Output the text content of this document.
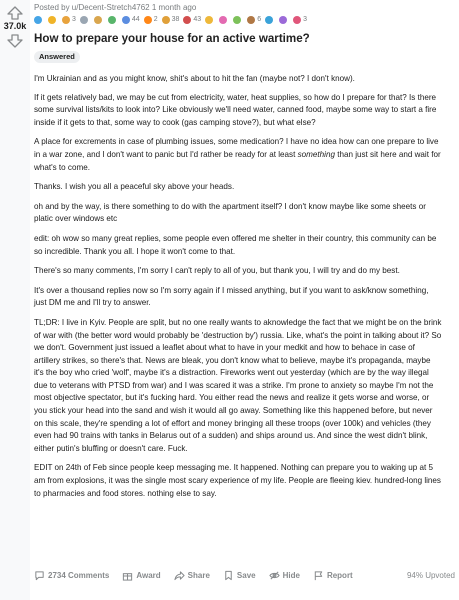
37.0k
Posted by u/Decent-Stretch4762 1 month ago
3	44 2 38 43	6	3
How to prepare your house for an active wartime?
Answered

I'm Ukrainian and as you might know, shit's about to hit the fan (maybe not? I don't know).

If it gets relatively bad, we may be cut from electricity, water, heat supplies, so how do I prepare for that? Is there some survival lists/kits to look into? Like obviously we'll need water, canned food, maybe some way to start a fire inside if it gets to that, some way to cook (gas camping stove?), but what else?

A place for excrements in case of plumbing issues, some medication? I have no idea how can one prepare to live in a war zone, and I don't want to panic but I'd rather be ready for at least something than just sit here and wait for what's to come.

Thanks. I wish you all a peaceful sky above your heads.

oh and by the way, is there something to do with the apartment itself? I don't know maybe like some sheets or platic over windows etc

edit: oh wow so many great replies, some people even offered me shelter in their country, this community can be so incredible. Thank you all. I hope it won't come to that.

There's so many comments, I'm sorry I can't reply to all of you, but thank you, I will try and do my best.

It's over a thousand replies now so I'm sorry again if I missed anything, but if you want to ask/know something, just DM me and I'll try to answer.

TL;DR: I live in Kyiv. People are split, but no one really wants to aknowledge the fact that we might be on the brink of war with (the better word would probably be 'destruction by') russia. Like, what's the point in talking about it? So we don't. Government just issued a leaflet about what to have in your medkit and how to behace in case of artillery strikes, so there's that. News are bleak, you don't know what to believe, maybe it's propaganda, maybe it's the boy who cried 'wolf', maybe it's a distraction. Fireworks went out yesterday (which are by the way illegal due to veterans with PTSD from war) and I was scared it was a strike. I'm prone to anxiety so maybe I'm not the most objective spectator, but it's fucking hard. You either read the news and realize it gets worse and worse, or you stick your head into the sand and wish it would all go away. Something like this happened before, but never on this scale, they're spending a lot of effort and money bringing all these troops (over 100k) and vehicles (they even had 90 trains with tanks in Belarus out of a sudden) and ships around us. And since the west didn't blink, either putin's bluffing or doesn't care. Fuck.

EDIT on 24th of Feb since people keep messaging me. It happened. Nothing can prepare you to waking up at 5 am from explosions, it was the single most scary experience of my life. People are fleeing kiev. hundred-long lines to pharmacies and food stores. nothing else to say.

2734 Comments	Award	Share	Save	Hide	Report	94% Upvoted
